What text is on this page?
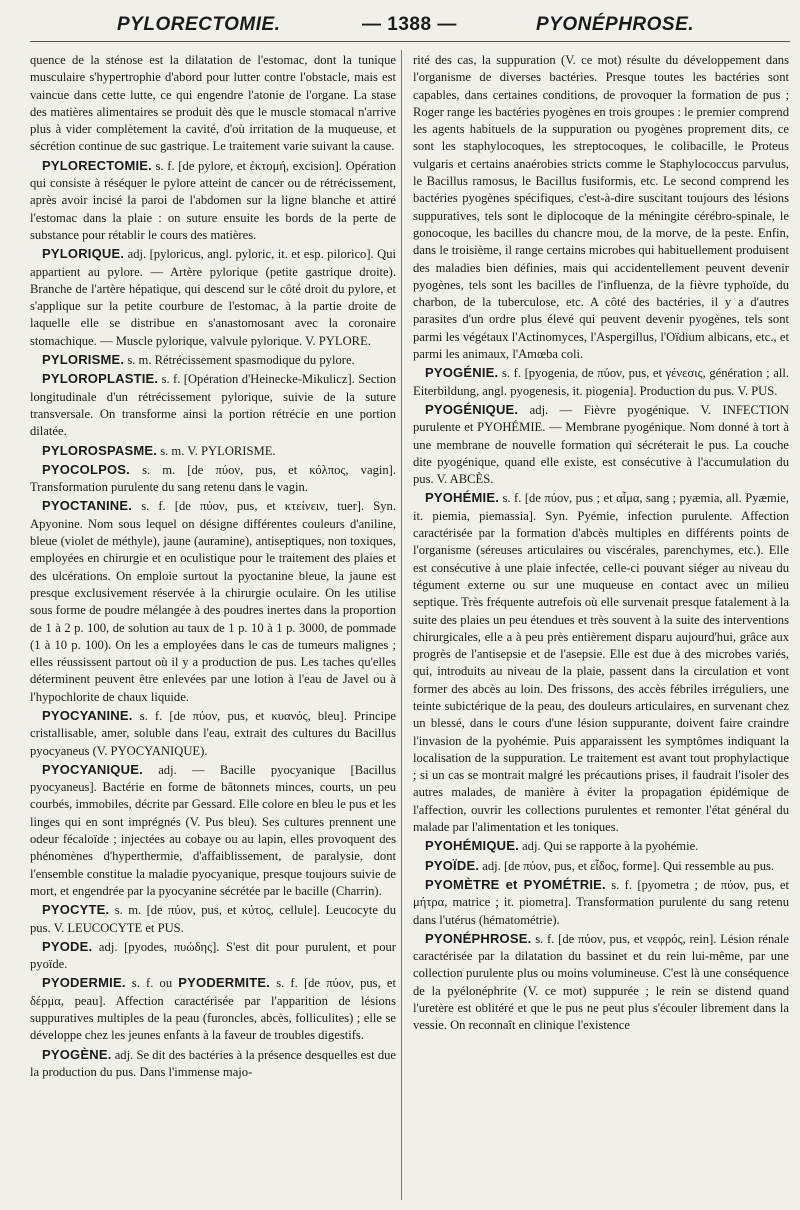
PYLORECTOMIE.	— 1388 —	PYONÉPHROSE.

quence de la sténose est la dilatation de l'estomac, dont la tunique musculaire s'hypertrophie d'abord pour lutter contre l'obstacle, mais est vaincue dans cette lutte, ce qui engendre l'atonie de l'organe. La stase des matières alimentaires se produit dès que le muscle stomacal n'arrive plus à vider complètement la cavité, d'où irritation de la muqueuse, et sécrétion continue de suc gastrique. Le traitement varie suivant la cause.

PYLORECTOMIE. s. f. [de pylore, et ἐκτομή, excision]. Opération qui consiste à réséquer le pylore atteint de cancer ou de rétrécissement, après avoir incisé la paroi de l'abdomen sur la ligne blanche et attiré l'estomac dans la plaie : on suture ensuite les bords de la perte de substance pour rétablir le cours des matières.

PYLORIQUE. adj. [pyloricus, angl. pyloric, it. et esp. pilorico]. Qui appartient au pylore. — Artère pylorique (petite gastrique droite). Branche de l'artère hépatique, qui descend sur le côté droit du pylore, et s'applique sur la petite courbure de l'estomac, à la partie droite de laquelle elle se distribue en s'anastomosant avec la coronaire stomachique. — Muscle pylorique, valvule pylorique. V. PYLORE.

PYLORISME. s. m. Rétrécissement spasmodique du pylore.

PYLOROPLASTIE. s. f. [Opération d'Heinecke-Mikulicz]. Section longitudinale d'un rétrécissement pylorique, suivie de la suture transversale. On transforme ainsi la portion rétrécie en une portion dilatée.

PYLOROSPASME. s. m. V. PYLORISME.

PYOCOLPOS. s. m. [de πύον, pus, et κόλπος, vagin]. Transformation purulente du sang retenu dans le vagin.

PYOCTANINE. s. f. [de πύον, pus, et κτείνειν, tuer]. Syn. Apyonine. Nom sous lequel on désigne différentes couleurs d'aniline, bleue (violet de méthyle), jaune (auramine), antiseptiques, non toxiques, employées en chirurgie et en oculistique pour le traitement des plaies et des ulcérations. On emploie surtout la pyoctanine bleue, la jaune est presque exclusivement réservée à la chirurgie oculaire. On les utilise sous forme de poudre mélangée à des poudres inertes dans la proportion de 1 à 2 p. 100, de solution au taux de 1 p. 10 à 1 p. 3000, de pommade (1 à 10 p. 100). On les a employées dans le cas de tumeurs malignes ; elles réussissent partout où il y a production de pus. Les taches qu'elles déterminent peuvent être enlevées par une lotion à l'eau de Javel ou à l'hypochlorite de chaux liquide.

PYOCYANINE. s. f. [de πύον, pus, et κυανός, bleu]. Principe cristallisable, amer, soluble dans l'eau, extrait des cultures du Bacillus pyocyaneus (V. PYOCYANIQUE).

PYOCYANIQUE. adj. — Bacille pyocyanique [Bacillus pyocyaneus]. Bactérie en forme de bâtonnets minces, courts, un peu courbés, immobiles, décrite par Gessard. Elle colore en bleu le pus et les linges qui en sont imprégnés (V. Pus bleu). Ses cultures prennent une odeur fécaloïde ; injectées au cobaye ou au lapin, elles provoquent des phénomènes d'hyperthermie, d'affaiblissement, de paralysie, dont l'ensemble constitue la maladie pyocyanique, presque toujours suivie de mort, et engendrée par la pyocyanine sécrétée par le bacille (Charrin).

PYOCYTE. s. m. [de πύον, pus, et κύτος, cellule]. Leucocyte du pus. V. LEUCOCYTE et PUS.

PYODE. adj. [pyodes, πυώδης]. S'est dit pour purulent, et pour pyoïde.

PYODERMIE. s. f. ou PYODERMITE. s. f. [de πύον, pus, et δέρμα, peau]. Affection caractérisée par l'apparition de lésions suppuratives multiples de la peau (furoncles, abcès, folliculites) ; elle se développe chez les jeunes enfants à la faveur de troubles digestifs.

PYOGÈNE. adj. Se dit des bactéries à la présence desquelles est due la production du pus. Dans l'immense majo-

rité des cas, la suppuration (V. ce mot) résulte du développement dans l'organisme de diverses bactéries. Presque toutes les bactéries sont capables, dans certaines conditions, de provoquer la formation de pus ; Roger range les bactéries pyogènes en trois groupes : le premier comprend les agents habituels de la suppuration ou pyogènes proprement dits, ce sont les staphylocoques, les streptocoques, le colibacille, le Proteus vulgaris et certains anaérobies stricts comme le Staphylococcus parvulus, le Bacillus ramosus, le Bacillus fusiformis, etc. Le second comprend les bactéries pyogènes spécifiques, c'est-à-dire suscitant toujours des lésions suppuratives, tels sont le diplocoque de la méningite cérébro-spinale, le gonocoque, les bacilles du chancre mou, de la morve, de la peste. Enfin, dans le troisième, il range certains microbes qui habituellement produisent des maladies bien définies, mais qui accidentellement peuvent devenir pyogènes, tels sont les bacilles de l'influenza, de la fièvre typhoïde, du charbon, de la tuberculose, etc. A côté des bactéries, il y a d'autres parasites d'un ordre plus élevé qui peuvent devenir pyogènes, tels sont parmi les végétaux l'Actinomyces, l'Aspergillus, l'Oïdium albicans, etc., et parmi les animaux, l'Amœba coli.

PYOGÉNIE. s. f. [pyogenia, de πύον, pus, et γένεσις, génération ; all. Eiterbildung, angl. pyogenesis, it. piogenia]. Production du pus. V. PUS.

PYOGÉNIQUE. adj. — Fièvre pyogénique. V. INFECTION purulente et PYOHÉMIE. — Membrane pyogénique. Nom donné à tort à une membrane de nouvelle formation qui sécréterait le pus. La couche dite pyogénique, quand elle existe, est consécutive à l'accumulation du pus. V. ABCÈS.

PYOHÉMIE. s. f. [de πύον, pus ; et αἷμα, sang ; pyæmia, all. Pyæmie, it. piemia, piemassia]. Syn. Pyémie, infection purulente. Affection caractérisée par la formation d'abcès multiples en différents points de l'organisme (séreuses articulaires ou viscérales, parenchymes, etc.). Elle est consécutive à une plaie infectée, celle-ci pouvant siéger au niveau du tégument externe ou sur une muqueuse en contact avec un milieu septique. Très fréquente autrefois où elle survenait presque fatalement à la suite des plaies un peu étendues et très souvent à la suite des interventions chirurgicales, elle a à peu près entièrement disparu aujourd'hui, grâce aux progrès de l'antisepsie et de l'asepsie. Elle est due à des microbes variés, qui, introduits au niveau de la plaie, passent dans la circulation et vont former des abcès au loin. Des frissons, des accès fébriles irréguliers, une teinte subictérique de la peau, des douleurs articulaires, en survenant chez un blessé, dans le cours d'une lésion suppurante, doivent faire craindre l'invasion de la pyohémie. Puis apparaissent les symptômes indiquant la localisation de la suppuration. Le traitement est avant tout prophylactique ; si un cas se montrait malgré les précautions prises, il faudrait l'isoler des autres malades, de manière à éviter la propagation épidémique de l'affection, ouvrir les collections purulentes et remonter l'état général du malade par l'alimentation et les toniques.

PYOHÉMIQUE. adj. Qui se rapporte à la pyohémie.

PYOÏDE. adj. [de πύον, pus, et εἶδος, forme]. Qui ressemble au pus.

PYOMÈTRE et PYOMÉTRIE. s. f. [pyometra ; de πύον, pus, et μήτρα, matrice ; it. piometra]. Transformation purulente du sang retenu dans l'utérus (hématométrie).

PYONÉPHROSE. s. f. [de πύον, pus, et νεφρός, rein]. Lésion rénale caractérisée par la dilatation du bassinet et du rein lui-même, par une collection purulente plus ou moins volumineuse. C'est là une conséquence de la pyélonéphrite (V. ce mot) suppurée ; le rein se distend quand l'uretère est oblitéré et que le pus ne peut plus s'écouler librement dans la vessie. On reconnaît en clinique l'existence
